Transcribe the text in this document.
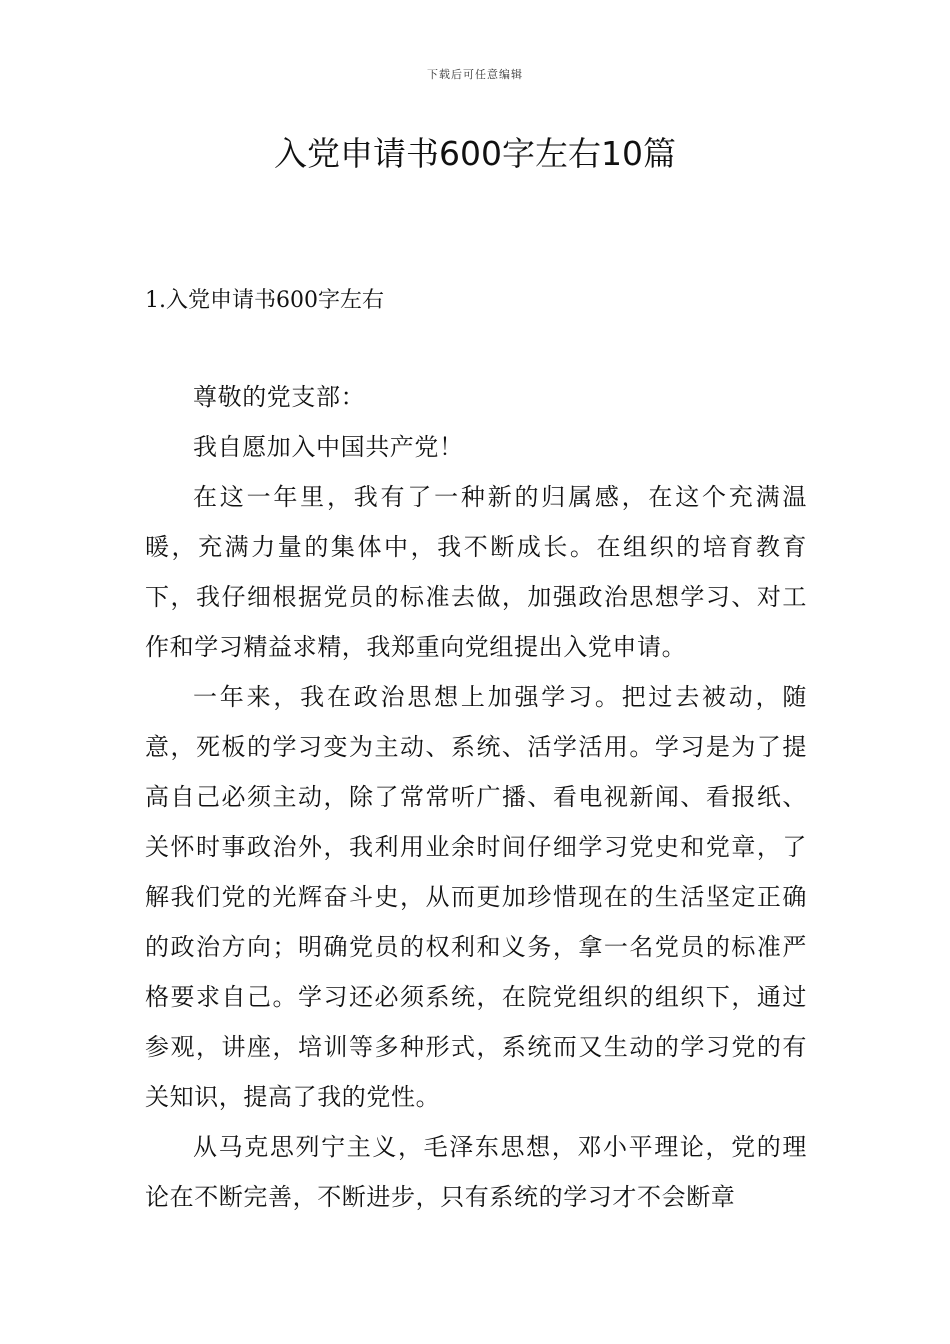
下载后可任意编辑
入党申请书600字左右10篇
1.入党申请书600字左右

尊敬的党支部：

我自愿加入中国共产党！

在这一年里，我有了一种新的归属感，在这个充满温暖，充满力量的集体中，我不断成长。在组织的培育教育下，我仔细根据党员的标准去做，加强政治思想学习、对工作和学习精益求精，我郑重向党组提出入党申请。

一年来，我在政治思想上加强学习。把过去被动，随意，死板的学习变为主动、系统、活学活用。学习是为了提高自己必须主动，除了常常听广播、看电视新闻、看报纸、关怀时事政治外，我利用业余时间仔细学习党史和党章，了解我们党的光辉奋斗史，从而更加珍惜现在的生活坚定正确的政治方向；明确党员的权利和义务，拿一名党员的标准严格要求自己。学习还必须系统，在院党组织的组织下，通过参观，讲座，培训等多种形式，系统而又生动的学习党的有关知识，提高了我的党性。

从马克思列宁主义，毛泽东思想，邓小平理论，党的理论在不断完善，不断进步，只有系统的学习才不会断章
